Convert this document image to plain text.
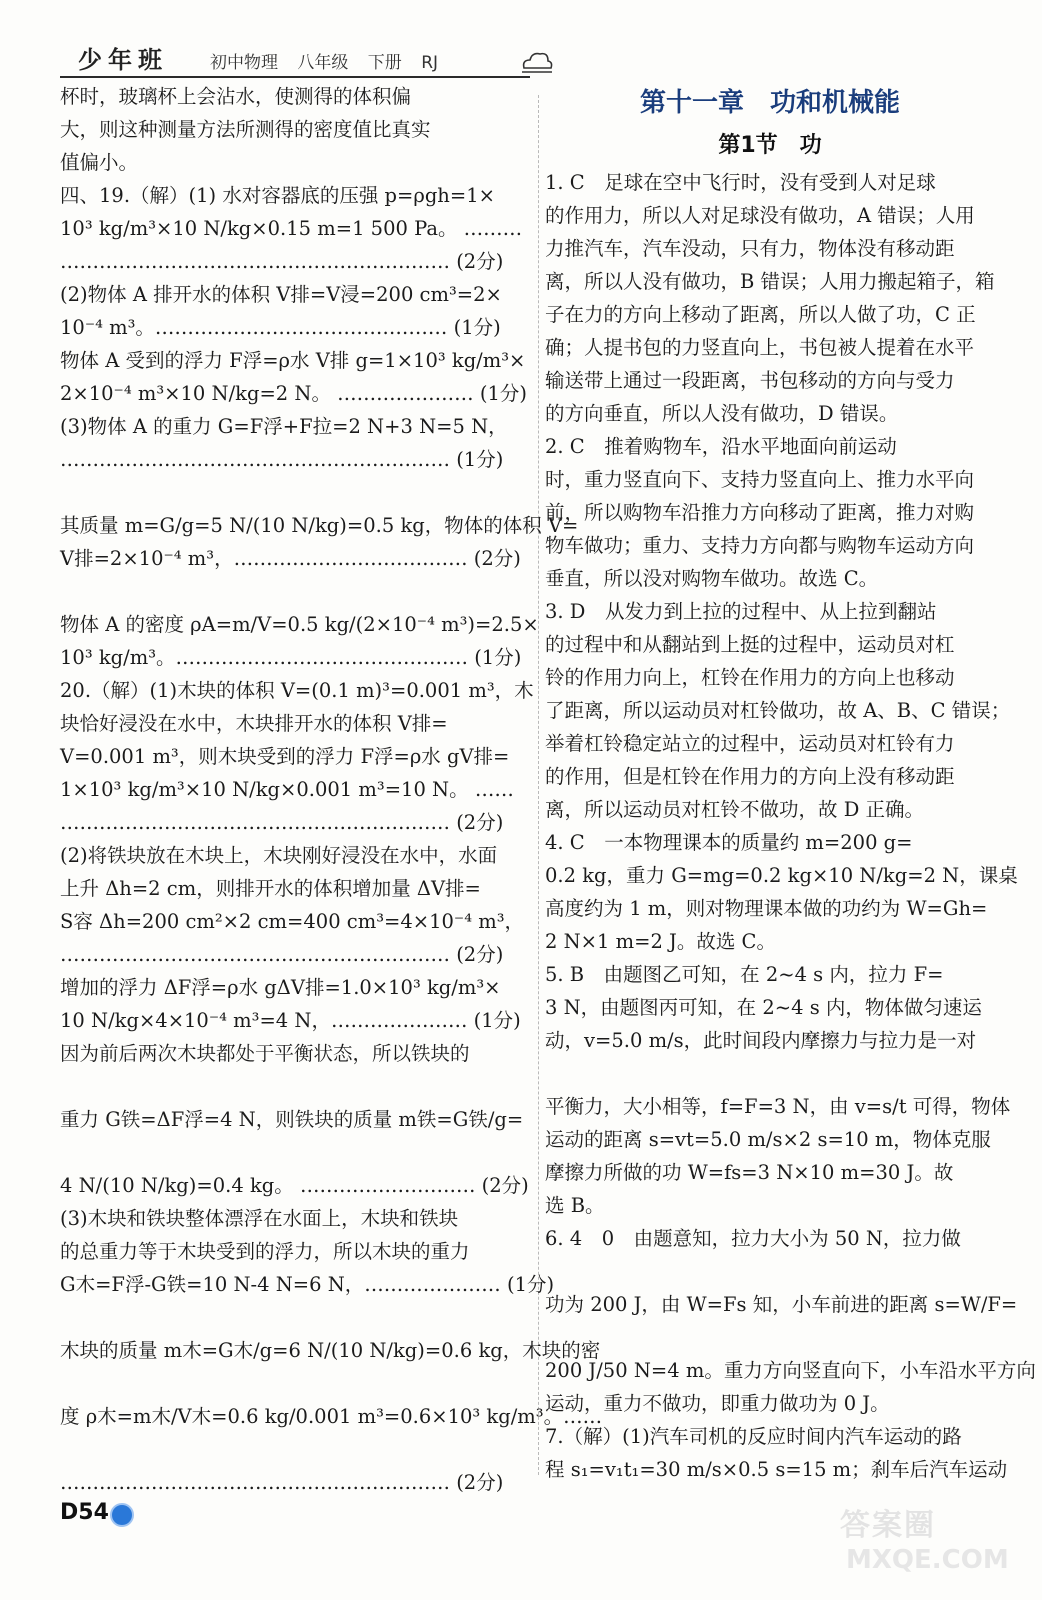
少年班 初中物理 八年级 下册 RJ
杯时，玻璃杯上会沾水，使测得的体积偏
大，则这种测量方法所测得的密度值比真实
值偏小。
四、19.（解）(1) 水对容器底的压强 p=ρgh=1×
10³ kg/m³×10 N/kg×0.15 m=1 500 Pa。 ………
…………………………………………………… (2分)
(2)物体 A 排开水的体积 V排=V浸=200 cm³=2×
10⁻⁴ m³。……………………………………… (1分)
物体 A 受到的浮力 F浮=ρ水 V排 g=1×10³ kg/m³×
2×10⁻⁴ m³×10 N/kg=2 N。 ………………… (1分)
(3)物体 A 的重力 G=F浮+F拉=2 N+3 N=5 N，
…………………………………………………… (1分)
其质量 m=G/g=5 N/(10 N/kg)=0.5 kg，物体的体积 V=
V排=2×10⁻⁴ m³，……………………………… (2分)
物体 A 的密度 ρA=m/V=0.5 kg/(2×10⁻⁴ m³)=2.5×
10³ kg/m³。……………………………………… (1分)
20.（解）(1)木块的体积 V=(0.1 m)³=0.001 m³，木
块恰好浸没在水中，木块排开水的体积 V排=
V=0.001 m³，则木块受到的浮力 F浮=ρ水 gV排=
1×10³ kg/m³×10 N/kg×0.001 m³=10 N。 ……
…………………………………………………… (2分)
(2)将铁块放在木块上，木块刚好浸没在水中，水面
上升 Δh=2 cm，则排开水的体积增加量 ΔV排=
S容 Δh=200 cm²×2 cm=400 cm³=4×10⁻⁴ m³，
…………………………………………………… (2分)
增加的浮力 ΔF浮=ρ水 gΔV排=1.0×10³ kg/m³×
10 N/kg×4×10⁻⁴ m³=4 N，………………… (1分)
因为前后两次木块都处于平衡状态，所以铁块的
重力 G铁=ΔF浮=4 N，则铁块的质量 m铁=G铁/g=
4 N/(10 N/kg)=0.4 kg。 ……………………… (2分)
(3)木块和铁块整体漂浮在水面上，木块和铁块
的总重力等于木块受到的浮力，所以木块的重力
G木=F浮-G铁=10 N-4 N=6 N，………………… (1分)
木块的质量 m木=G木/g=6 N/(10 N/kg)=0.6 kg，木块的密
度 ρ木=m木/V木=0.6 kg/0.001 m³=0.6×10³ kg/m³。……
…………………………………………………… (2分)
第十一章　功和机械能
第1节　功
1. C　足球在空中飞行时，没有受到人对足球
的作用力，所以人对足球没有做功，A 错误；人用
力推汽车，汽车没动，只有力，物体没有移动距
离，所以人没有做功，B 错误；人用力搬起箱子，箱
子在力的方向上移动了距离，所以人做了功，C 正
确；人提书包的力竖直向上，书包被人提着在水平
输送带上通过一段距离，书包移动的方向与受力
的方向垂直，所以人没有做功，D 错误。
2. C　推着购物车，沿水平地面向前运动
时，重力竖直向下、支持力竖直向上、推力水平向
前，所以购物车沿推力方向移动了距离，推力对购
物车做功；重力、支持力方向都与购物车运动方向
垂直，所以没对购物车做功。故选 C。
3. D　从发力到上拉的过程中、从上拉到翻站
的过程中和从翻站到上挺的过程中，运动员对杠
铃的作用力向上，杠铃在作用力的方向上也移动
了距离，所以运动员对杠铃做功，故 A、B、C 错误；
举着杠铃稳定站立的过程中，运动员对杠铃有力
的作用，但是杠铃在作用力的方向上没有移动距
离，所以运动员对杠铃不做功，故 D 正确。
4. C　一本物理课本的质量约 m=200 g=
0.2 kg，重力 G=mg=0.2 kg×10 N/kg=2 N，课桌
高度约为 1 m，则对物理课本做的功约为 W=Gh=
2 N×1 m=2 J。故选 C。
5. B　由题图乙可知，在 2~4 s 内，拉力 F=
3 N，由题图丙可知，在 2~4 s 内，物体做匀速运
动，v=5.0 m/s，此时间段内摩擦力与拉力是一对
平衡力，大小相等，f=F=3 N，由 v=s/t 可得，物体
运动的距离 s=vt=5.0 m/s×2 s=10 m，物体克服
摩擦力所做的功 W=fs=3 N×10 m=30 J。故
选 B。
6. 4　0　由题意知，拉力大小为 50 N，拉力做
功为 200 J，由 W=Fs 知，小车前进的距离 s=W/F=
200 J/50 N=4 m。重力方向竖直向下，小车沿水平方向
运动，重力不做功，即重力做功为 0 J。
7.（解）(1)汽车司机的反应时间内汽车运动的路
程 s₁=v₁t₁=30 m/s×0.5 s=15 m；刹车后汽车运动
D54	答案圈
MXQE.COM
